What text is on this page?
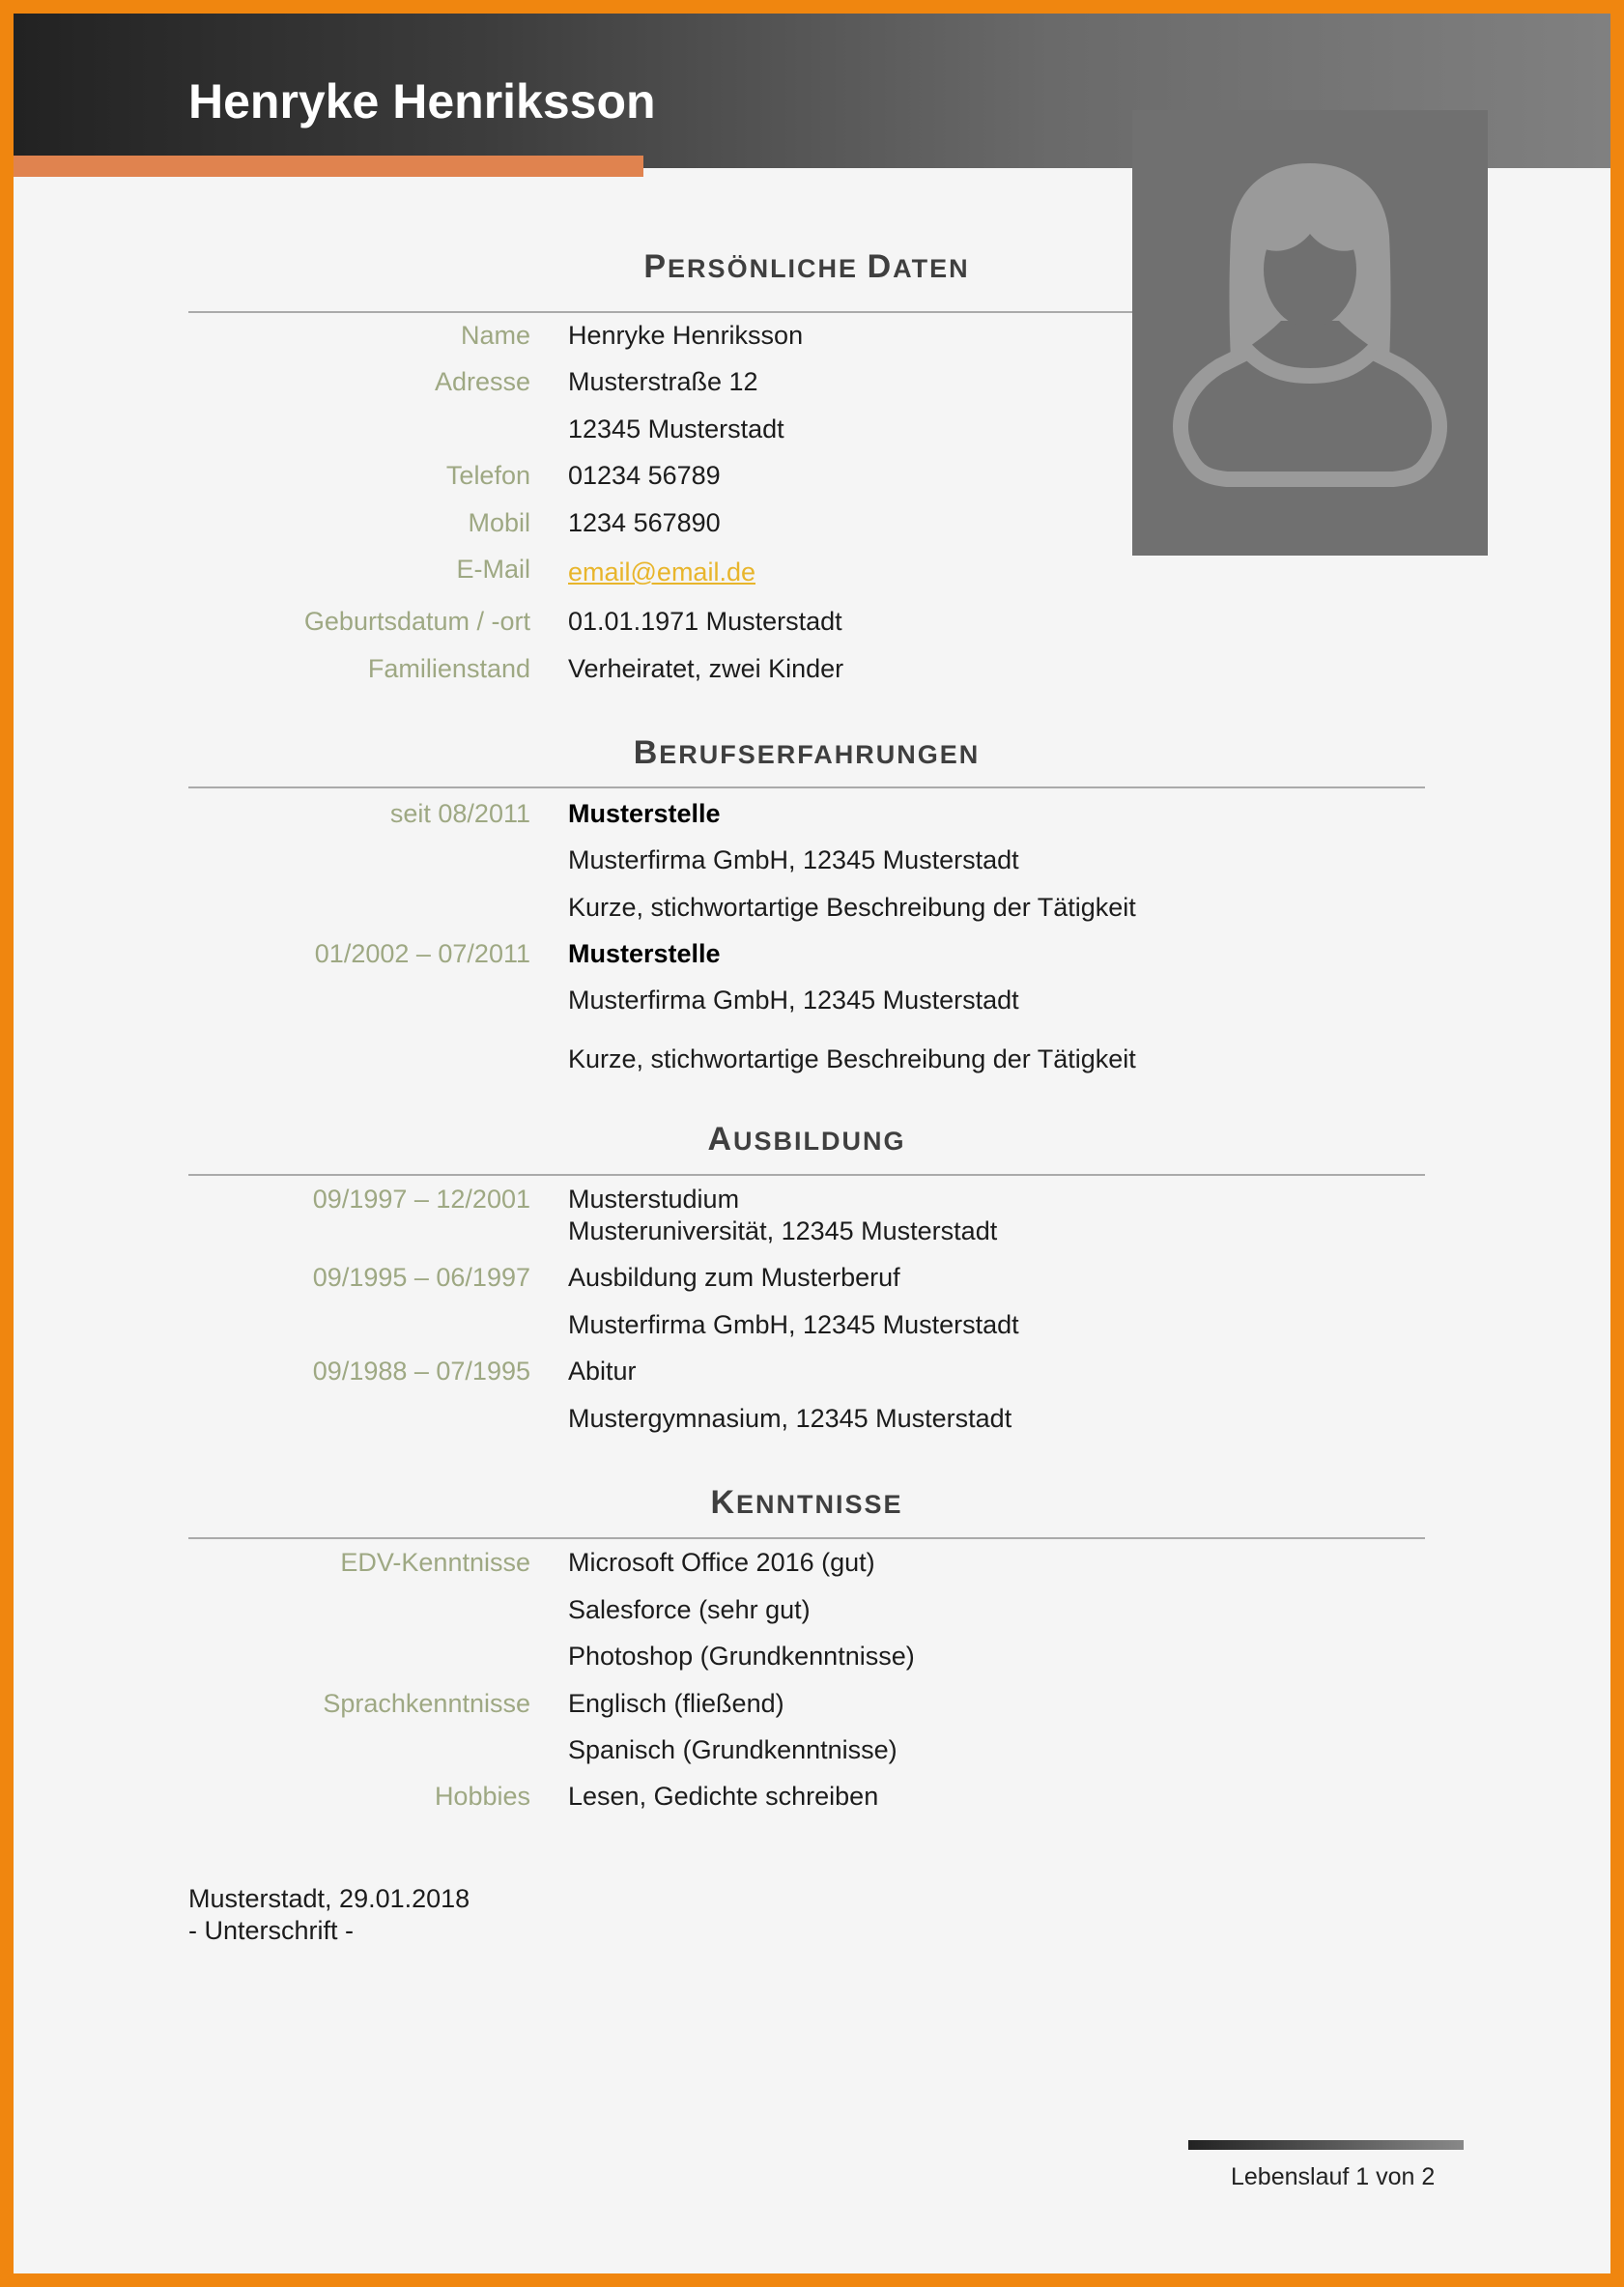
Henryke Henriksson
PERSÖNLICHE DATEN
Name Henryke Henriksson
Adresse Musterstraße 12
12345 Musterstadt
Telefon 01234 56789
Mobil 1234 567890
E-Mail email@email.de
Geburtsdatum / -ort 01.01.1971 Musterstadt
Familienstand Verheiratet, zwei Kinder
BERUFSERFAHRUNGEN
seit 08/2011 Musterstelle
Musterfirma GmbH, 12345 Musterstadt
Kurze, stichwortartige Beschreibung der Tätigkeit
01/2002 – 07/2011 Musterstelle
Musterfirma GmbH, 12345 Musterstadt
Kurze, stichwortartige Beschreibung der Tätigkeit
AUSBILDUNG
09/1997 – 12/2001 Musterstudium
Musteruniversität, 12345 Musterstadt
09/1995 – 06/1997 Ausbildung zum Musterberuf
Musterfirma GmbH, 12345 Musterstadt
09/1988 – 07/1995 Abitur
Mustergymnasium, 12345 Musterstadt
KENNTNISSE
EDV-Kenntnisse Microsoft Office 2016 (gut)
Salesforce (sehr gut)
Photoshop (Grundkenntnisse)
Sprachkenntnisse Englisch (fließend)
Spanisch (Grundkenntnisse)
Hobbies Lesen, Gedichte schreiben
Musterstadt, 29.01.2018
- Unterschrift -
Lebenslauf 1 von 2
